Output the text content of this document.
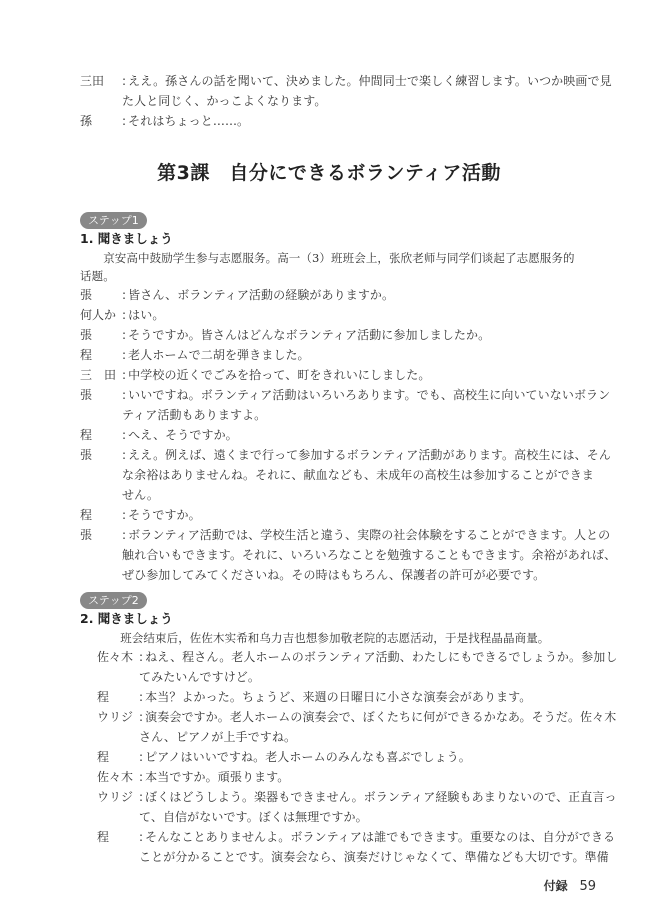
三田	: ええ。孫さんの話を聞いて、決めました。仲間同士で楽しく練習します。いつか映画で見
た人と同じく、かっこよくなります。
孫	: それはちょっと……。
第3課　自分にできるボランティア活動
ステップ1
1. 聞きましょう
　　京安高中鼓励学生参与志愿服务。高一（3）班班会上，张欣老师与同学们谈起了志愿服务的
话题。
張	: 皆さん、ボランティア活動の経験がありますか。
何人か	: はい。
張	: そうですか。皆さんはどんなボランティア活動に参加しましたか。
程	: 老人ホームで二胡を弾きました。
三　田	: 中学校の近くでごみを拾って、町をきれいにしました。
張	: いいですね。ボランティア活動はいろいろあります。でも、高校生に向いていないボラン
ティア活動もありますよ。
程	: へえ、そうですか。
張	: ええ。例えば、遠くまで行って参加するボランティア活動があります。高校生には、そん
な余裕はありませんね。それに、献血なども、未成年の高校生は参加することができま
せん。
程	: そうですか。
張	: ボランティア活動では、学校生活と違う、実際の社会体験をすることができます。人との
触れ合いもできます。それに、いろいろなことを勉強することもできます。余裕があれば、
ぜひ参加してみてくださいね。その時はもちろん、保護者の許可が必要です。
ステップ2
2. 聞きましょう
　　班会结束后，佐佐木实希和乌力吉也想参加敬老院的志愿活动，于是找程晶晶商量。
佐々木	: ねえ、程さん。老人ホームのボランティア活動、わたしにもできるでしょうか。参加し
てみたいんですけど。
程	: 本当？よかった。ちょうど、来週の日曜日に小さな演奏会があります。
ウリジ	: 演奏会ですか。老人ホームの演奏会で、ぼくたちに何ができるかなあ。そうだ。佐々木
さん、ピアノが上手ですね。
程	: ピアノはいいですね。老人ホームのみんなも喜ぶでしょう。
佐々木	: 本当ですか。頑張ります。
ウリジ	: ぼくはどうしよう。楽器もできません。ボランティア経験もあまりないので、正直言っ
て、自信がないです。ぼくは無理ですか。
程	: そんなことありませんよ。ボランティアは誰でもできます。重要なのは、自分ができる
ことが分かることです。演奏会なら、演奏だけじゃなくて、準備なども大切です。準備
付録 59
